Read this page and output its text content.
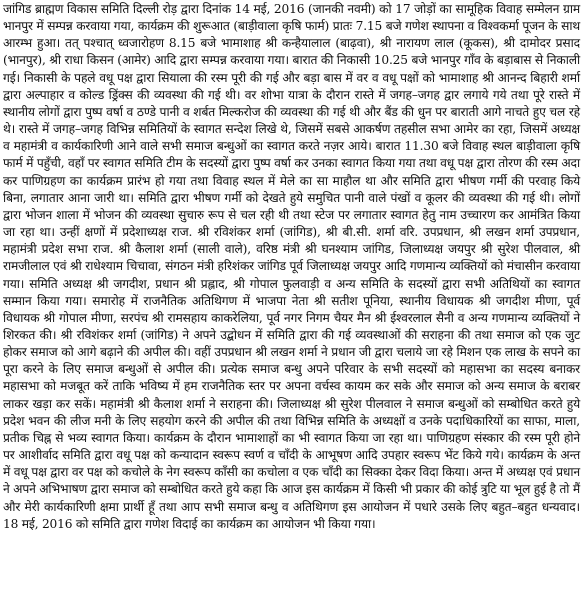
जांगिड ब्राह्मण विकास समिति दिल्ली रोड़ द्वारा दिनांक 14 मई, 2016 (जानकी नवमी) को 17 जोड़ों का सामूहिक विवाह सम्मेलन ग्राम भानपुर में सम्पन्न करवाया गया, कार्यक्रम की शुरूआत (बाड़ीवाला कृषि फार्म) प्रातः 7.15 बजे गणेश स्थापना व विश्वकर्मा पूजन के साथ आरम्भ हुआ। तत् पश्चात् ध्वजारोहण 8.15 बजे भामाशाह श्री कन्हैयालाल (बाढ़वा), श्री नारायण लाल (कूकस), श्री दामोदर प्रसाद (भानपुर), श्री राधा किसन (आमेर) आदि द्वारा सम्पन्न करवाया गया। बारात की निकासी 10.25 बजे भानपुर गाँव के बड़ाबास से निकाली गई। निकासी के पहले वधू पक्ष द्वारा सियाला की रस्म पूरी की गई और बड़ा बास में वर व वधू पक्षों को भामाशाह श्री आनन्द बिहारी शर्मा द्वारा अल्पाहार व कोल्ड ड्रिंक्स की व्यवस्था की गई थी। वर शोभा यात्रा के दौरान रास्ते में जगह–जगह द्वार लगाये गये तथा पूरे रास्ते में स्थानीय लोगों द्वारा पुष्प वर्षा व ठण्डे पानी व शर्बत मिल्करोज की व्यवस्था की गई थी और बैंड की धुन पर बाराती आगे नाचते हुए चल रहे थे। रास्ते में जगह–जगह विभिन्न समितियों के स्वागत सन्देश लिखे थे, जिसमें सबसे आकर्षण तहसील सभा आमेर का रहा, जिसमें अध्यक्ष व महामंत्री व कार्यकारिणी आने वाले सभी समाज बन्धुओं का स्वागत करते नज़र आये। बारात 11.30 बजे विवाह स्थल बाड़ीवाला कृषि फार्म में पहुँची, वहाँ पर स्वागत समिति टीम के सदस्यों द्वारा पुष्प वर्षा कर उनका स्वागत किया गया तथा वधू पक्ष द्वारा तोरण की रस्म अदा कर पाणिग्रहण का कार्यक्रम प्रारंभ हो गया तथा विवाह स्थल में मेले का सा माहौल था और समिति द्वारा भीषण गर्मी की परवाह किये बिना, लगातार आना जारी था। समिति द्वारा भीषण गर्मी को देखते हुये समुचित पानी वाले पंखों व कूलर की व्यवस्था की गई थी। लोगों द्वारा भोजन शाला में भोजन की व्यवस्था सुचारु रूप से चल रही थी तथा स्टेज पर लगातार स्वागत हेतु नाम उच्चारण कर आमंत्रित किया जा रहा था। उन्हीं क्षणों में प्रदेशाध्यक्ष राज. श्री रविशंकर शर्मा (जांगिड), श्री बी.सी. शर्मा वरि. उपप्रधान, श्री लखन शर्मा उपप्रधान, महामंत्री प्रदेश सभा राज. श्री कैलाश शर्मा (साली वाले), वरिष्ठ मंत्री श्री घनश्याम जांगिड, जिलाध्यक्ष जयपुर श्री सुरेश पीलवाल, श्री रामजीलाल एवं श्री राधेश्याम चिचावा, संगठन मंत्री हरिशंकर जांगिड पूर्व जिलाध्यक्ष जयपुर आदि गणमान्य व्यक्तियों को मंचासीन करवाया गया। समिति अध्यक्ष श्री जगदीश, प्रधान श्री प्रह्लाद, श्री गोपाल फुलवाड़ी व अन्य समिति के सदस्यों द्वारा सभी अतिथियों का स्वागत सम्मान किया गया। समारोह में राजनैतिक अतिथिगण में भाजपा नेता श्री सतीश पूनिया, स्थानीय विधायक श्री जगदीश मीणा, पूर्व विधायक श्री गोपाल मीणा, सरपंच श्री रामसहाय काकरेलिया, पूर्व नगर निगम चैयर मैन श्री ईश्वरलाल सैनी व अन्य गणमान्य व्यक्तियों ने शिरकत की। श्री रविशंकर शर्मा (जांगिड) ने अपने उद्बोधन में समिति द्वारा की गई व्यवस्थाओं की सराहना की तथा समाज को एक जुट होकर समाज को आगे बढ़ाने की अपील की। वहीं उपप्रधान श्री लखन शर्मा ने प्रधान जी द्वारा चलाये जा रहे मिशन एक लाख के सपने का पूरा करने के लिए समाज बन्धुओं से अपील की। प्रत्येक समाज बन्धु अपने परिवार के सभी सदस्यों को महासभा का सदस्य बनाकर महासभा को मजबूत करें ताकि भविष्य में हम राजनैतिक स्तर पर अपना वर्चस्व कायम कर सके और समाज को अन्य समाज के बराबर लाकर खड़ा कर सकें। महामंत्री श्री कैलाश शर्मा ने सराहना की। जिलाध्यक्ष श्री सुरेश पीलवाल ने समाज बन्धुओं को सम्बोधित करते हुये प्रदेश भवन की लीज मनी के लिए सहयोग करने की अपील की तथा विभिन्न समिति के अध्यक्षों व उनके पदाधिकारियों का साफा, माला, प्रतीक चिह्न से भव्य स्वागत किया। कार्यक्रम के दौरान भामाशाहों का भी स्वागत किया जा रहा था। पाणिग्रहण संस्कार की रस्म पूरी होने पर आशीर्वाद समिति द्वारा वधू पक्ष को कन्यादान स्वरूप स्वर्ण व चाँदी के आभूषण आदि उपहार स्वरूप भेंट किये गये। कार्यक्रम के अन्त में वधू पक्ष द्वारा वर पक्ष को कचोले के नेग स्वरूप काँसी का कचोला व एक चाँदी का सिक्का देकर विदा किया। अन्त में अध्यक्ष एवं प्रधान ने अपने अभिभाषण द्वारा समाज को सम्बोधित करते हुये कहा कि आज इस कार्यक्रम में किसी भी प्रकार की कोई त्रुटि या भूल हुई है तो मैं और मेरी कार्यकारिणी क्षमा प्रार्थी हूँ तथा आप सभी समाज बन्धु व अतिथिगण इस आयोजन में पधारे उसके लिए बहुत–बहुत धन्यवाद। 18 मई, 2016 को समिति द्वारा गणेश विदाई का कार्यक्रम का आयोजन भी किया गया।
